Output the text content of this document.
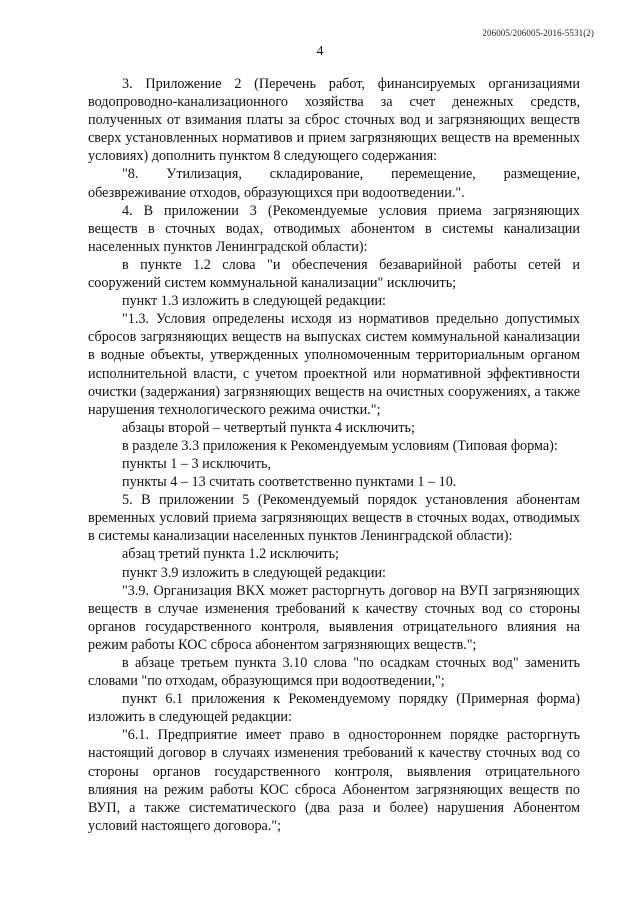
206005/206005-2016-5531(2)
4

3. Приложение 2 (Перечень работ, финансируемых организациями водопроводно-канализационного хозяйства за счет денежных средств, полученных от взимания платы за сброс сточных вод и загрязняющих веществ сверх установленных нормативов и прием загрязняющих веществ на временных условиях) дополнить пунктом 8 следующего содержания:

"8. Утилизация, складирование, перемещение, размещение, обезвреживание отходов, образующихся при водоотведении.".

4. В приложении 3 (Рекомендуемые условия приема загрязняющих веществ в сточных водах, отводимых абонентом в системы канализации населенных пунктов Ленинградской области):

в пункте 1.2 слова "и обеспечения безаварийной работы сетей и сооружений систем коммунальной канализации" исключить;

пункт 1.3 изложить в следующей редакции:

"1.3. Условия определены исходя из нормативов предельно допустимых сбросов загрязняющих веществ на выпусках систем коммунальной канализации в водные объекты, утвержденных уполномоченным территориальным органом исполнительной власти, с учетом проектной или нормативной эффективности очистки (задержания) загрязняющих веществ на очистных сооружениях, а также нарушения технологического режима очистки.";

абзацы второй – четвертый пункта 4 исключить;

в разделе 3.3 приложения к Рекомендуемым условиям (Типовая форма):

пункты 1 – 3 исключить,

пункты 4 – 13 считать соответственно пунктами 1 – 10.

5. В приложении 5 (Рекомендуемый порядок установления абонентам временных условий приема загрязняющих веществ в сточных водах, отводимых в системы канализации населенных пунктов Ленинградской области):

абзац третий пункта 1.2 исключить;

пункт 3.9 изложить в следующей редакции:

"3.9. Организация ВКХ может расторгнуть договор на ВУП загрязняющих веществ в случае изменения требований к качеству сточных вод со стороны органов государственного контроля, выявления отрицательного влияния на режим работы КОС сброса абонентом загрязняющих веществ.";

в абзаце третьем пункта 3.10 слова "по осадкам сточных вод" заменить словами "по отходам, образующимся при водоотведении,";

пункт 6.1 приложения к Рекомендуемому порядку (Примерная форма) изложить в следующей редакции:

"6.1. Предприятие имеет право в одностороннем порядке расторгнуть настоящий договор в случаях изменения требований к качеству сточных вод со стороны органов государственного контроля, выявления отрицательного влияния на режим работы КОС сброса Абонентом загрязняющих веществ по ВУП, а также систематического (два раза и более) нарушения Абонентом условий настоящего договора.";
